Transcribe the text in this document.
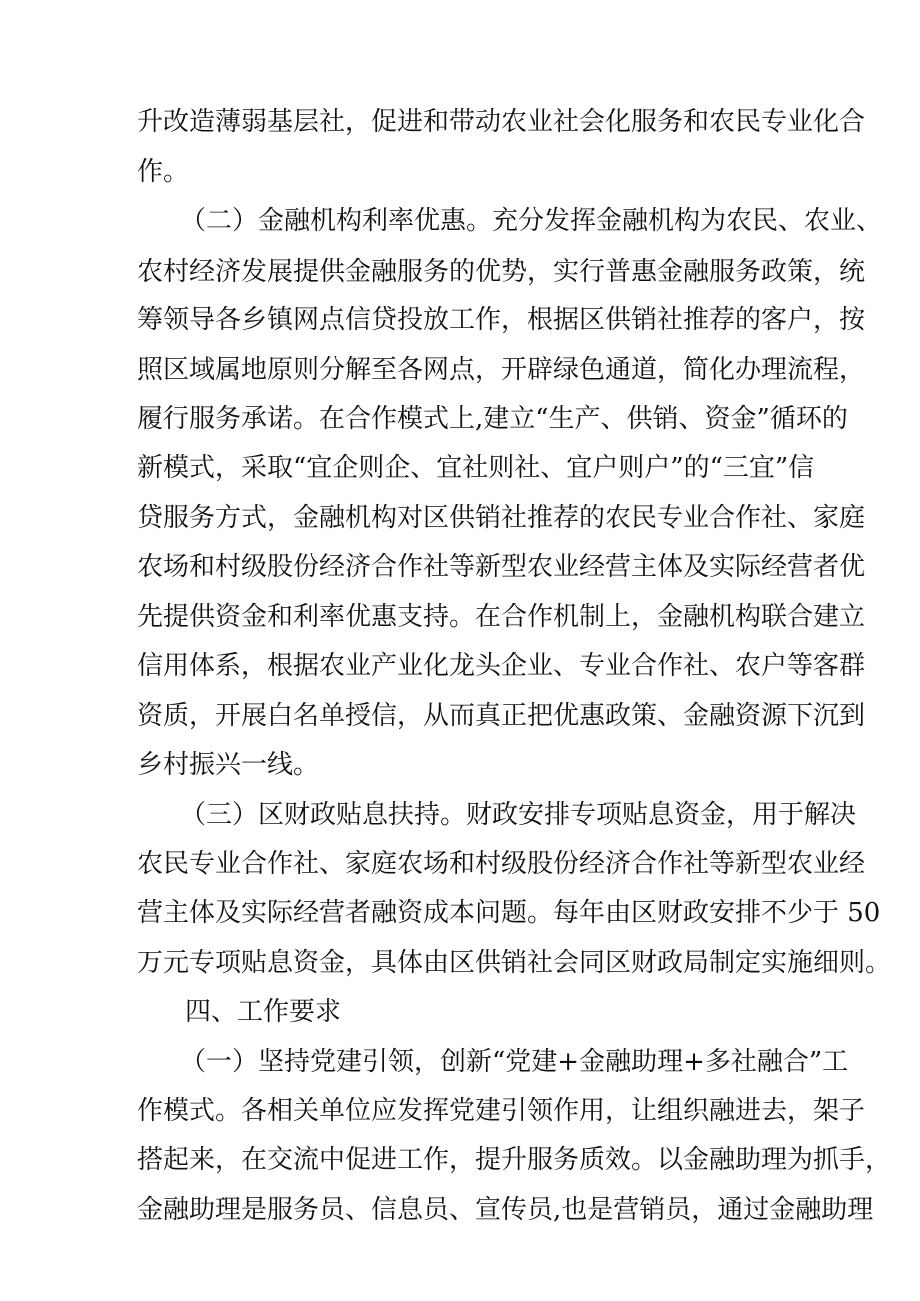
升改造薄弱基层社，促进和带动农业社会化服务和农民专业化合
作。
（二）金融机构利率优惠。充分发挥金融机构为农民、农业、
农村经济发展提供金融服务的优势，实行普惠金融服务政策，统
筹领导各乡镇网点信贷投放工作，根据区供销社推荐的客户，按
照区域属地原则分解至各网点，开辟绿色通道，简化办理流程，
履行服务承诺。在合作模式上,建立“生产、供销、资金”循环的
新模式，采取“宜企则企、宜社则社、宜户则户”的“三宜”信
贷服务方式，金融机构对区供销社推荐的农民专业合作社、家庭
农场和村级股份经济合作社等新型农业经营主体及实际经营者优
先提供资金和利率优惠支持。在合作机制上，金融机构联合建立
信用体系，根据农业产业化龙头企业、专业合作社、农户等客群
资质，开展白名单授信，从而真正把优惠政策、金融资源下沉到
乡村振兴一线。
（三）区财政贴息扶持。财政安排专项贴息资金，用于解决
农民专业合作社、家庭农场和村级股份经济合作社等新型农业经
营主体及实际经营者融资成本问题。每年由区财政安排不少于 50
万元专项贴息资金，具体由区供销社会同区财政局制定实施细则。
四、工作要求
（一）坚持党建引领，创新“党建+金融助理+多社融合”工
作模式。各相关单位应发挥党建引领作用，让组织融进去，架子
搭起来，在交流中促进工作，提升服务质效。以金融助理为抓手，
金融助理是服务员、信息员、宣传员,也是营销员，通过金融助理
